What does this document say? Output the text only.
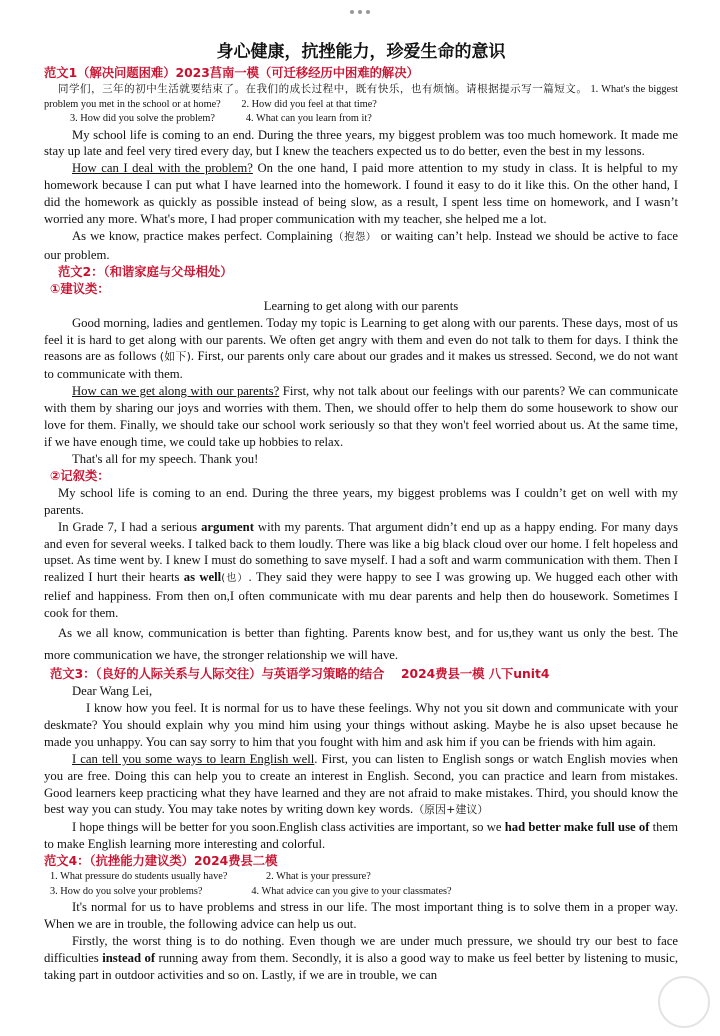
身心健康，抗挫能力，珍爱生命的意识
范文1（解决问题困难）2023莒南一模（可迁移经历中困难的解决）

同学们，三年的初中生活就要结束了。在我们的成长过程中，既有快乐，也有烦恼。请根据提示写一篇短文。 1. What's the biggest problem you met in the school or at home? 2. How did you feel at that time?

3. How did you solve the problem?	4. What can you learn from it?

My school life is coming to an end. During the three years, my biggest problem was too much homework. It made me stay up late and feel very tired every day, but I knew the teachers expected us to do better, even the best in my lessons.

How can I deal with the problem? On the one hand, I paid more attention to my study in class. It is helpful to my homework because I can put what I have learned into the homework. I found it easy to do it like this. On the other hand, I did the homework as quickly as possible instead of being slow, as a result, I spent less time on homework, and I wasn’t worried any more. What's more, I had proper communication with my teacher, she helped me a lot.

As we know, practice makes perfect. Complaining（抱怨） or waiting can’t help. Instead we should be active to face our problem.

范文2：（和谐家庭与父母相处）
①建议类：

Learning to get along with our parents

Good morning, ladies and gentlemen. Today my topic is Learning to get along with our parents. These days, most of us feel it is hard to get along with our parents. We often get angry with them and even do not talk to them for days. I think the reasons are as follows (如下). First, our parents only care about our grades and it makes us stressed. Second, we do not want to communicate with them.

How can we get along with our parents? First, why not talk about our feelings with our parents? We can communicate with them by sharing our joys and worries with them. Then, we should offer to help them do some housework to show our love for them. Finally, we should take our school work seriously so that they won't feel worried about us. At the same time, if we have enough time, we could take up hobbies to relax.

That's all for my speech. Thank you!

②记叙类：

My school life is coming to an end. During the three years, my biggest problems was I couldn’t get on well with my parents.

In Grade 7, I had a serious argument with my parents. That argument didn’t end up as a happy ending. For many days and even for several weeks. I talked back to them loudly. There was like a big black cloud over our home. I felt hopeless and upset. As time went by. I knew I must do something to save myself. I had a soft and warm communication with them. Then I realized I hurt their hearts as well(也）. They said they were happy to see I was growing up. We hugged each other with relief and happiness. From then on,I often communicate with mu dear parents and help then do housework. Sometimes I cook for them.

As we all know, communication is better than fighting. Parents know best, and for us,they want us only the best. The more communication we have, the stronger relationship we will have.

范文3：（良好的人际关系与人际交往）与英语学习策略的结合　 2024费县一模 八下unit4

Dear Wang Lei,

I know how you feel. It is normal for us to have these feelings. Why not you sit down and communicate with your deskmate? You should explain why you mind him using your things without asking. Maybe he is also upset because he made you unhappy. You can say sorry to him that you fought with him and ask him if you can be friends with him again.

I can tell you some ways to learn English well. First, you can listen to English songs or watch English movies when you are free. Doing this can help you to create an interest in English. Second, you can practice and learn from mistakes. Good learners keep practicing what they have learned and they are not afraid to make mistakes. Third, you should know the best way you can study. You may take notes by writing down key words.（原因+建议）

I hope things will be better for you soon.English class activities are important, so we had better make full use of them to make English learning more interesting and colorful.

范文4：（抗挫能力建议类）2024费县二模

1. What pressure do students usually have?	2. What is your pressure?

3. How do you solve your problems?	4. What advice can you give to your classmates?

It's normal for us to have problems and stress in our life. The most important thing is to solve them in a proper way. When we are in trouble, the following advice can help us out.

Firstly, the worst thing is to do nothing. Even though we are under much pressure, we should try our best to face difficulties instead of running away from them. Secondly, it is also a good way to make us feel better by listening to music, taking part in outdoor activities and so on. Lastly, if we are in trouble, we can
